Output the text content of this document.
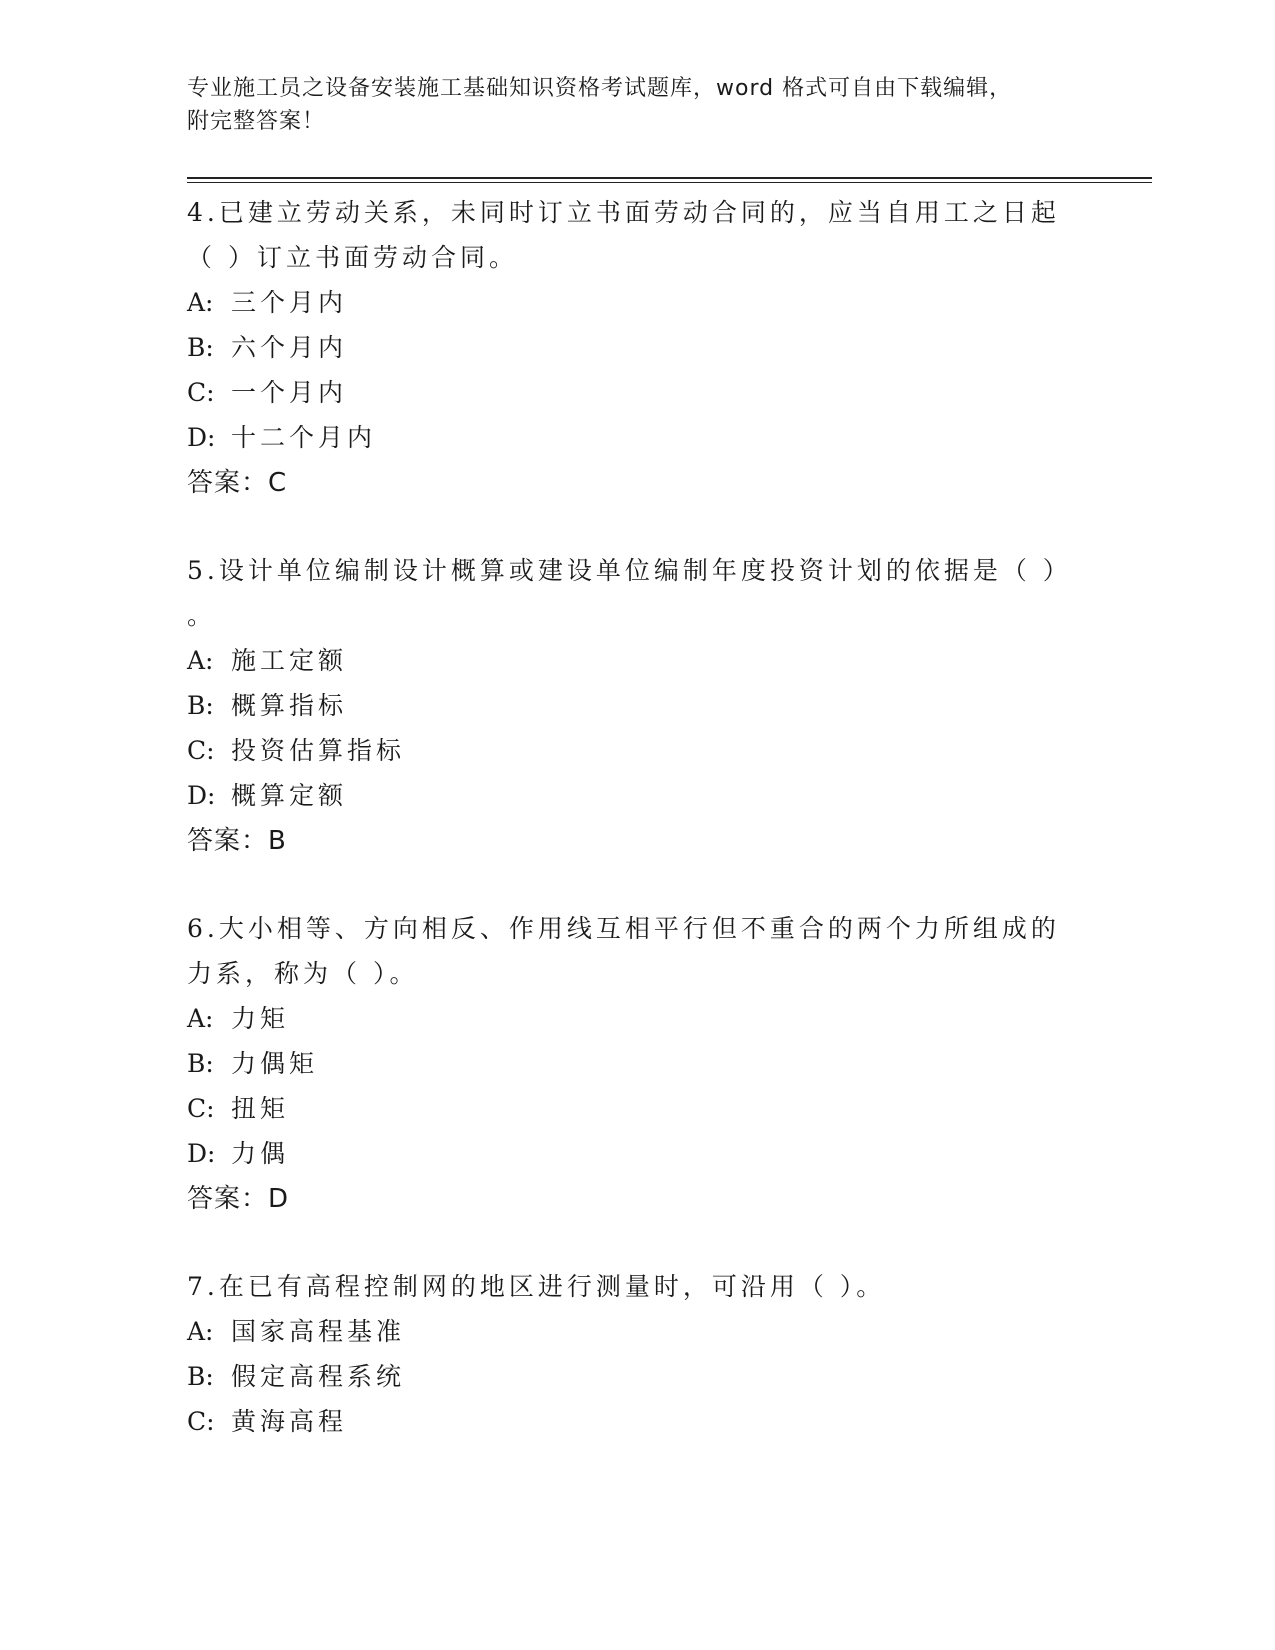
专业施工员之设备安装施工基础知识资格考试题库，word 格式可自由下载编辑，
附完整答案！
4.已建立劳动关系，未同时订立书面劳动合同的，应当自用工之日起
（ ）订立书面劳动合同。
A: 三个月内
B: 六个月内
C: 一个月内
D: 十二个月内
答案：C
5.设计单位编制设计概算或建设单位编制年度投资计划的依据是（ ）
。
A: 施工定额
B: 概算指标
C: 投资估算指标
D: 概算定额
答案：B
6.大小相等、方向相反、作用线互相平行但不重合的两个力所组成的
力系，称为（ ）。
A: 力矩
B: 力偶矩
C: 扭矩
D: 力偶
答案：D
7.在已有高程控制网的地区进行测量时，可沿用（ ）。
A: 国家高程基准
B: 假定高程系统
C: 黄海高程
